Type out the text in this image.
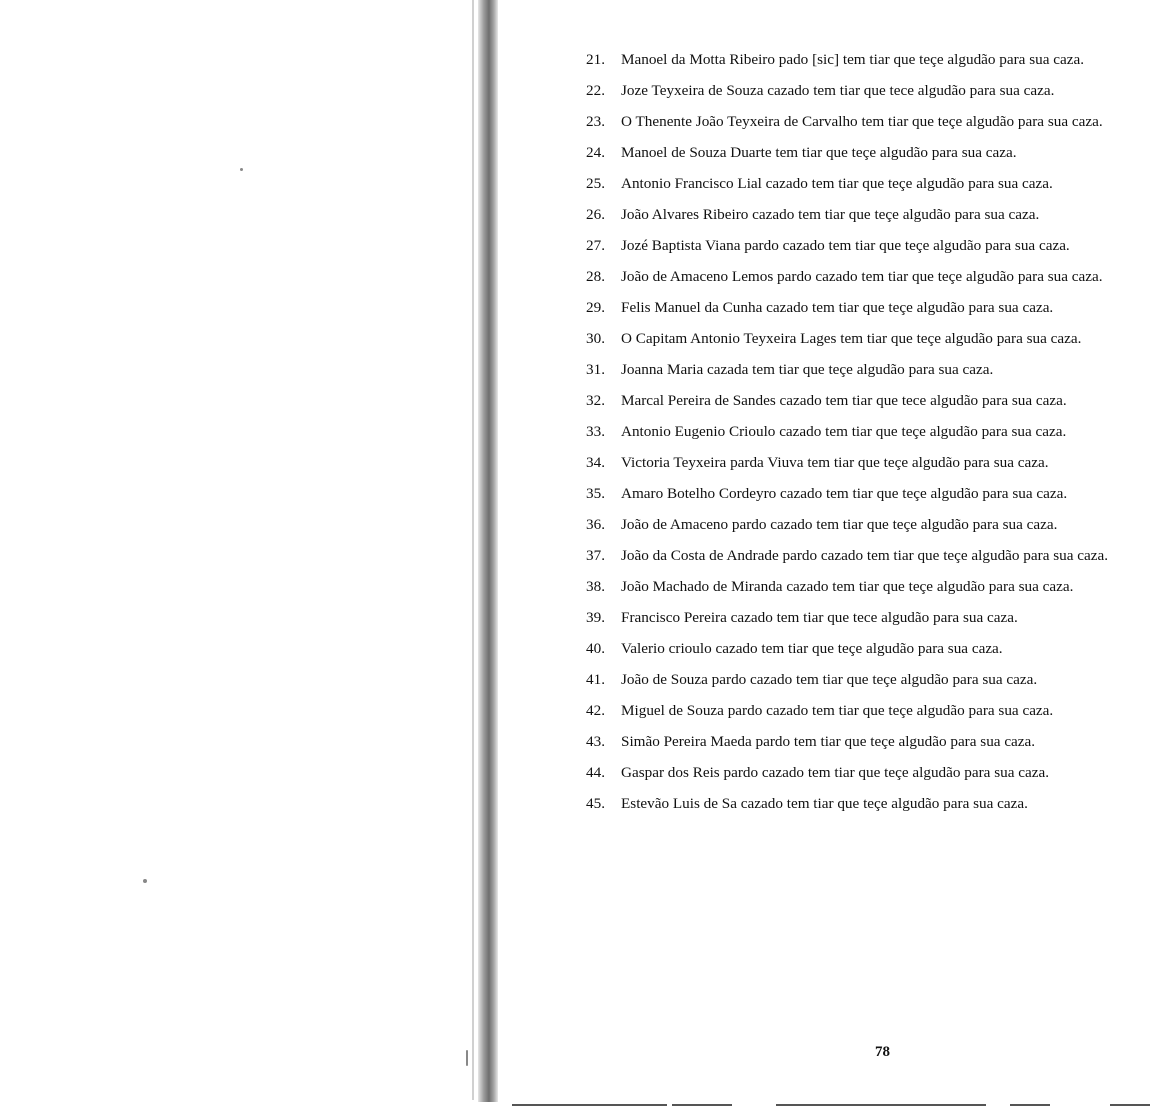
21. Manoel da Motta Ribeiro pado [sic] tem tiar que teçe algudão para sua caza.
22. Joze Teyxeira de Souza cazado tem tiar que tece algudão para sua caza.
23. O Thenente João Teyxeira de Carvalho tem tiar que teçe algudão para sua caza.
24. Manoel de Souza Duarte tem tiar que teçe algudão para sua caza.
25. Antonio Francisco Lial cazado tem tiar que teçe algudão para sua caza.
26. João Alvares Ribeiro cazado tem tiar que teçe algudão para sua caza.
27. Jozé Baptista Viana pardo cazado tem tiar que teçe algudão para sua caza.
28. João de Amaceno Lemos pardo cazado tem tiar que teçe algudão para sua caza.
29. Felis Manuel da Cunha cazado tem tiar que teçe algudão para sua caza.
30. O Capitam Antonio Teyxeira Lages tem tiar que teçe algudão para sua caza.
31. Joanna Maria cazada tem tiar que teçe algudão para sua caza.
32. Marcal Pereira de Sandes cazado tem tiar que tece algudão para sua caza.
33. Antonio Eugenio Crioulo cazado tem tiar que teçe algudão para sua caza.
34. Victoria Teyxeira parda Viuva tem tiar que teçe algudão para sua caza.
35. Amaro Botelho Cordeyro cazado tem tiar que teçe algudão para sua caza.
36. João de Amaceno pardo cazado tem tiar que teçe algudão para sua caza.
37. João da Costa de Andrade pardo cazado tem tiar que teçe algudão para sua caza.
38. João Machado de Miranda cazado tem tiar que teçe algudão para sua caza.
39. Francisco Pereira cazado tem tiar que tece algudão para sua caza.
40. Valerio crioulo cazado tem tiar que teçe algudão para sua caza.
41. João de Souza pardo cazado tem tiar que teçe algudão para sua caza.
42. Miguel de Souza pardo cazado tem tiar que teçe algudão para sua caza.
43. Simão Pereira Maeda pardo tem tiar que teçe algudão para sua caza.
44. Gaspar dos Reis pardo cazado tem tiar que teçe algudão para sua caza.
45. Estevão Luis de Sa cazado tem tiar que teçe algudão para sua caza.
78
